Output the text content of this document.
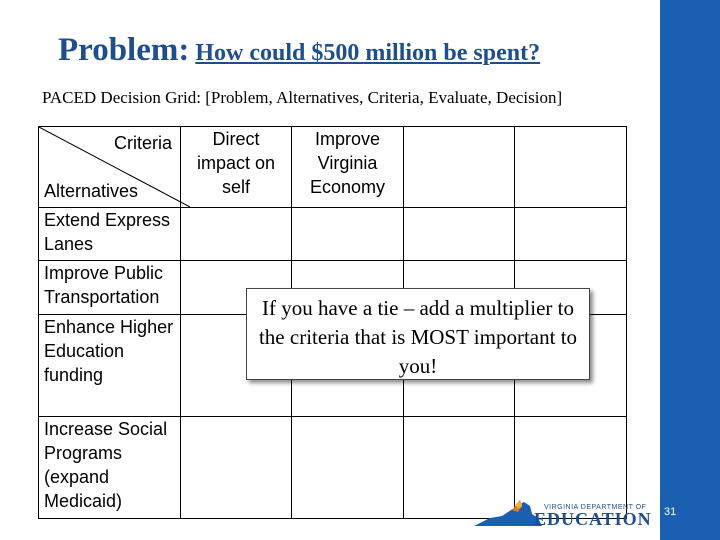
Problem: How could $500 million be spent?
PACED Decision Grid: [Problem, Alternatives, Criteria, Evaluate, Decision]
Criteria
Alternatives	Direct impact on self	Improve Virginia Economy		
Extend Express Lanes				
Improve Public Transportation				
Enhance Higher Education funding				
Increase Social Programs (expand Medicaid)				
If you have a tie – add a multiplier to the criteria that is MOST important to you!
VIRGINIA DEPARTMENT OF
EDUCATION 31
